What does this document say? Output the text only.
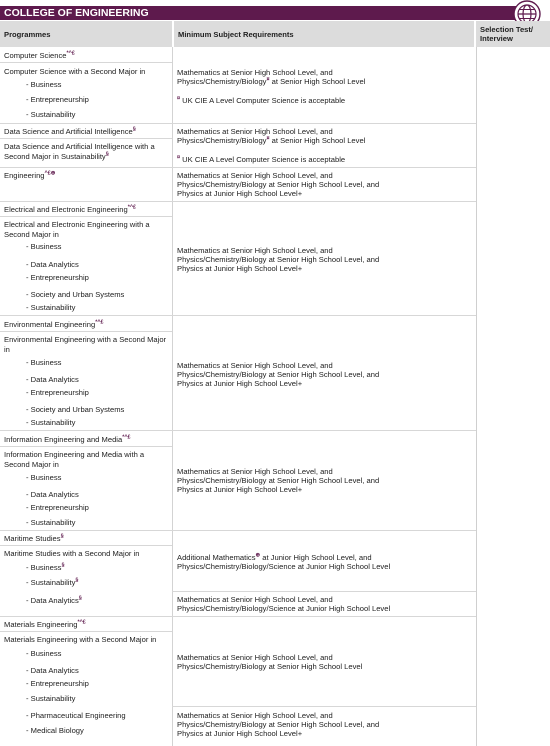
COLLEGE OF ENGINEERING
Programmes	Minimum Subject Requirements
Selection Test/ Interview
Computer Science*^£
Computer Science with a Second Major in
- Business
- Entrepreneurship
- Sustainability
Mathematics at Senior High School Level, and
Physics/Chemistry/Biology¤ at Senior High School Level
¤ UK CIE A Level Computer Science is acceptable
Data Science and Artificial Intelligence§
Data Science and Artificial Intelligence with a Second Major in Sustainability§
Mathematics at Senior High School Level, and
Physics/Chemistry/Biology¤ at Senior High School Level
¤ UK CIE A Level Computer Science is acceptable
Engineering^£⊕	Mathematics at Senior High School Level, and
Physics/Chemistry/Biology at Senior High School Level, and
Physics at Junior High School Level+
Electrical and Electronic Engineering*^£
Electrical and Electronic Engineering with a Second Major in
- Business
- Data Analytics
- Entrepreneurship
- Society and Urban Systems
- Sustainability
Mathematics at Senior High School Level, and
Physics/Chemistry/Biology at Senior High School Level, and
Physics at Junior High School Level+
Environmental Engineering*^£
Environmental Engineering with a Second Major in
- Business
- Data Analytics
- Entrepreneurship
- Society and Urban Systems
- Sustainability
Mathematics at Senior High School Level, and
Physics/Chemistry/Biology at Senior High School Level, and
Physics at Junior High School Level+
Information Engineering and Media*^£
Information Engineering and Media with a Second Major in
- Business
- Data Analytics
- Entrepreneurship
- Sustainability
Mathematics at Senior High School Level, and
Physics/Chemistry/Biology at Senior High School Level, and
Physics at Junior High School Level+
Maritime Studies§
Maritime Studies with a Second Major in
- Business§
- Sustainability§
- Data Analytics§
Additional Mathematics⊕ at Junior High School Level, and
Physics/Chemistry/Biology/Science at Junior High School Level
Mathematics at Senior High School Level, and
Physics/Chemistry/Biology/Science at Junior High School Level
Materials Engineering*^£
Materials Engineering with a Second Major in
- Business
- Data Analytics
- Entrepreneurship
- Sustainability
- Pharmaceutical Engineering
- Medical Biology
Mathematics at Senior High School Level, and
Physics/Chemistry/Biology at Senior High School Level
Mathematics at Senior High School Level, and
Physics/Chemistry/Biology at Senior High School Level, and
Physics at Junior High School Level+
